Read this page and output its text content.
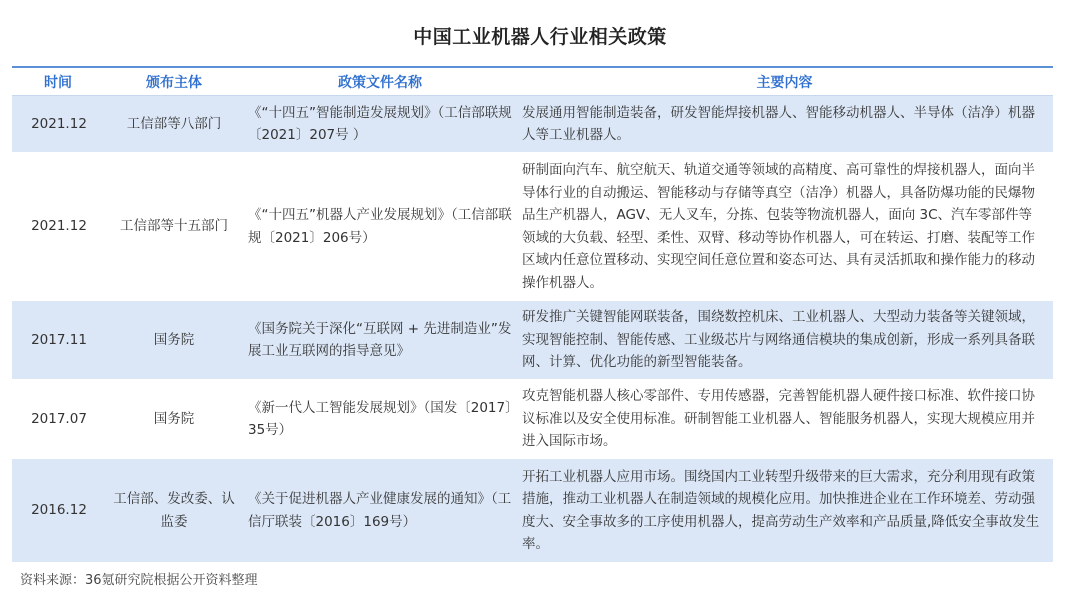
中国工业机器人行业相关政策
时间	颁布主体	政策文件名称	主要内容
2021.12	工信部等八部门	《“十四五”智能制造发展规划》（工信部联规〔2021〕207号 ）	发展通用智能制造装备，研发智能焊接机器人、智能移动机器人、半导体（洁净）机器人等工业机器人。
2021.12	工信部等十五部门	《“十四五”机器人产业发展规划》（工信部联规〔2021〕206号）	研制面向汽车、航空航天、轨道交通等领域的高精度、高可靠性的焊接机器人，面向半导体行业的自动搬运、智能移动与存储等真空（洁净）机器人，具备防爆功能的民爆物品生产机器人，AGV、无人叉车，分拣、包装等物流机器人，面向 3C、汽车零部件等领域的大负载、轻型、柔性、双臂、移动等协作机器人，可在转运、打磨、装配等工作区域内任意位置移动、实现空间任意位置和姿态可达、具有灵活抓取和操作能力的移动操作机器人。
2017.11	国务院	《国务院关于深化“互联网 + 先进制造业”发展工业互联网的指导意见》	研发推广关键智能网联装备，围绕数控机床、工业机器人、大型动力装备等关键领域，实现智能控制、智能传感、工业级芯片与网络通信模块的集成创新，形成一系列具备联网、计算、优化功能的新型智能装备。
2017.07	国务院	《新一代人工智能发展规划》（国发〔2017〕35号）	攻克智能机器人核心零部件、专用传感器，完善智能机器人硬件接口标准、软件接口协议标准以及安全使用标准。研制智能工业机器人、智能服务机器人，实现大规模应用并进入国际市场。
2016.12	工信部、发改委、认监委	《关于促进机器人产业健康发展的通知》（工信厅联装〔2016〕169号）	开拓工业机器人应用市场。围绕国内工业转型升级带来的巨大需求，充分利用现有政策措施，推动工业机器人在制造领域的规模化应用。加快推进企业在工作环境差、劳动强度大、安全事故多的工序使用机器人，提高劳动生产效率和产品质量,降低安全事故发生率。
资料来源：36氪研究院根据公开资料整理
